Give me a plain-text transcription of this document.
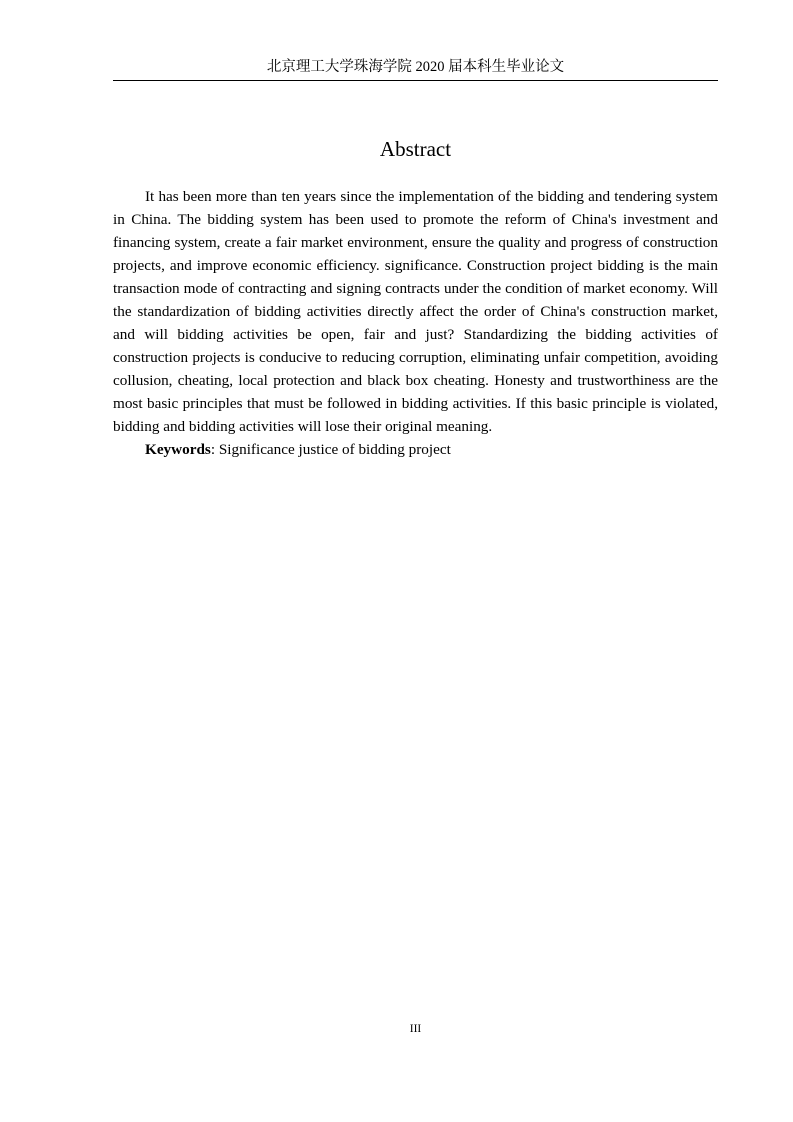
北京理工大学珠海学院 2020 届本科生毕业论文
Abstract

It has been more than ten years since the implementation of the bidding and tendering system in China. The bidding system has been used to promote the reform of China's investment and financing system, create a fair market environment, ensure the quality and progress of construction projects, and improve economic efficiency. significance. Construction project bidding is the main transaction mode of contracting and signing contracts under the condition of market economy. Will the standardization of bidding activities directly affect the order of China's construction market, and will bidding activities be open, fair and just? Standardizing the bidding activities of construction projects is conducive to reducing corruption, eliminating unfair competition, avoiding collusion, cheating, local protection and black box cheating. Honesty and trustworthiness are the most basic principles that must be followed in bidding activities. If this basic principle is violated, bidding and bidding activities will lose their original meaning.

Keywords: Significance justice of bidding project

III
